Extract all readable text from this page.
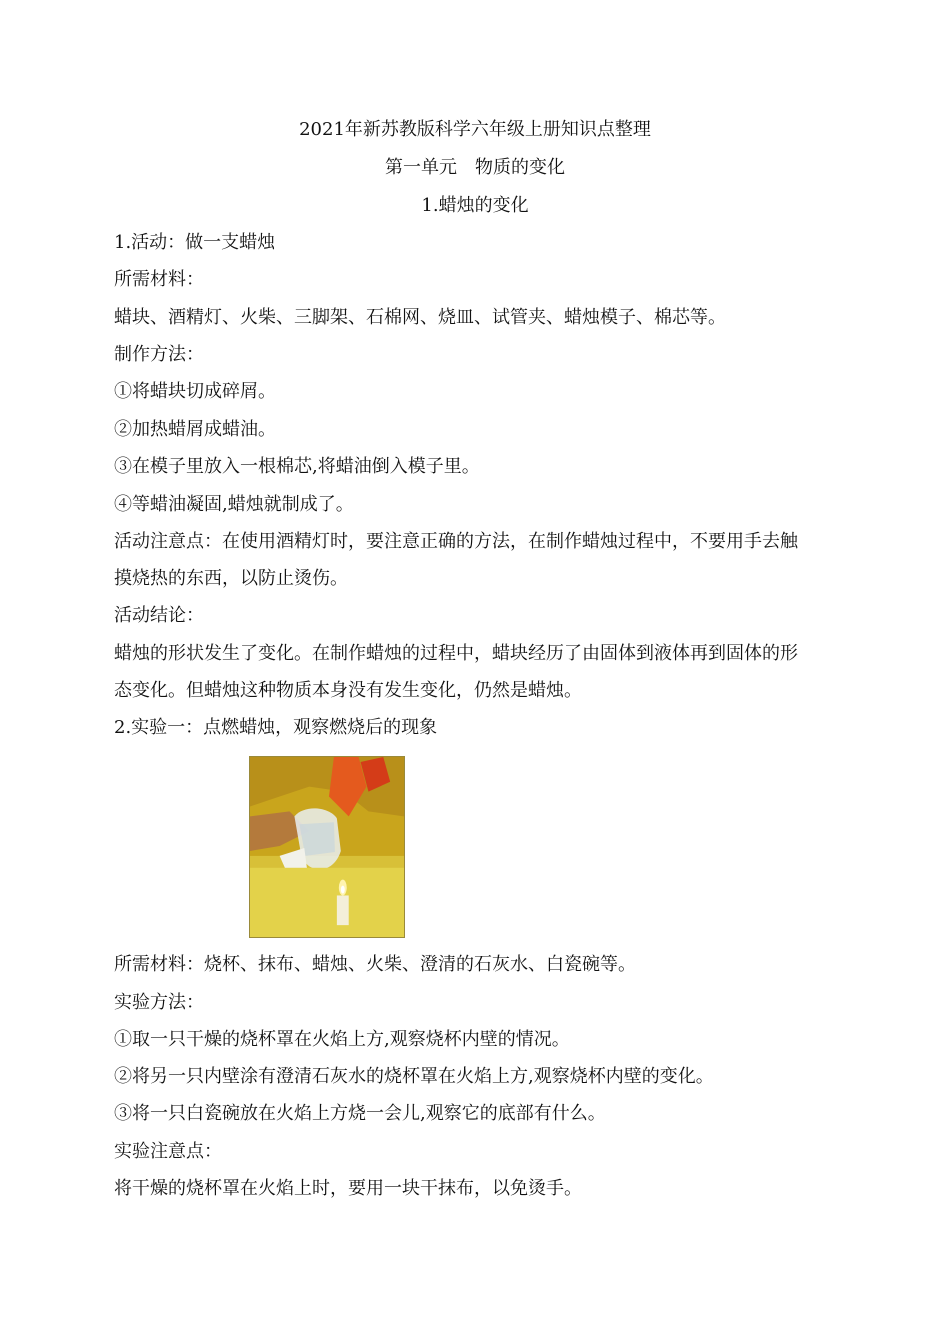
2021年新苏教版科学六年级上册知识点整理
第一单元　物质的变化
1.蜡烛的变化
1.活动：做一支蜡烛
所需材料：
蜡块、酒精灯、火柴、三脚架、石棉网、烧皿、试管夹、蜡烛模子、棉芯等。
制作方法：
①将蜡块切成碎屑。
②加热蜡屑成蜡油。
③在模子里放入一根棉芯,将蜡油倒入模子里。
④等蜡油凝固,蜡烛就制成了。
活动注意点：在使用酒精灯时，要注意正确的方法，在制作蜡烛过程中，不要用手去触
摸烧热的东西，以防止烫伤。
活动结论：
蜡烛的形状发生了变化。在制作蜡烛的过程中，蜡块经历了由固体到液体再到固体的形
态变化。但蜡烛这种物质本身没有发生变化，仍然是蜡烛。
2.实验一：点燃蜡烛，观察燃烧后的现象
所需材料：烧杯、抹布、蜡烛、火柴、澄清的石灰水、白瓷碗等。
实验方法：
①取一只干燥的烧杯罩在火焰上方,观察烧杯内壁的情况。
②将另一只内壁涂有澄清石灰水的烧杯罩在火焰上方,观察烧杯内壁的变化。
③将一只白瓷碗放在火焰上方烧一会儿,观察它的底部有什么。
实验注意点：
将干燥的烧杯罩在火焰上时，要用一块干抹布，以免烫手。
